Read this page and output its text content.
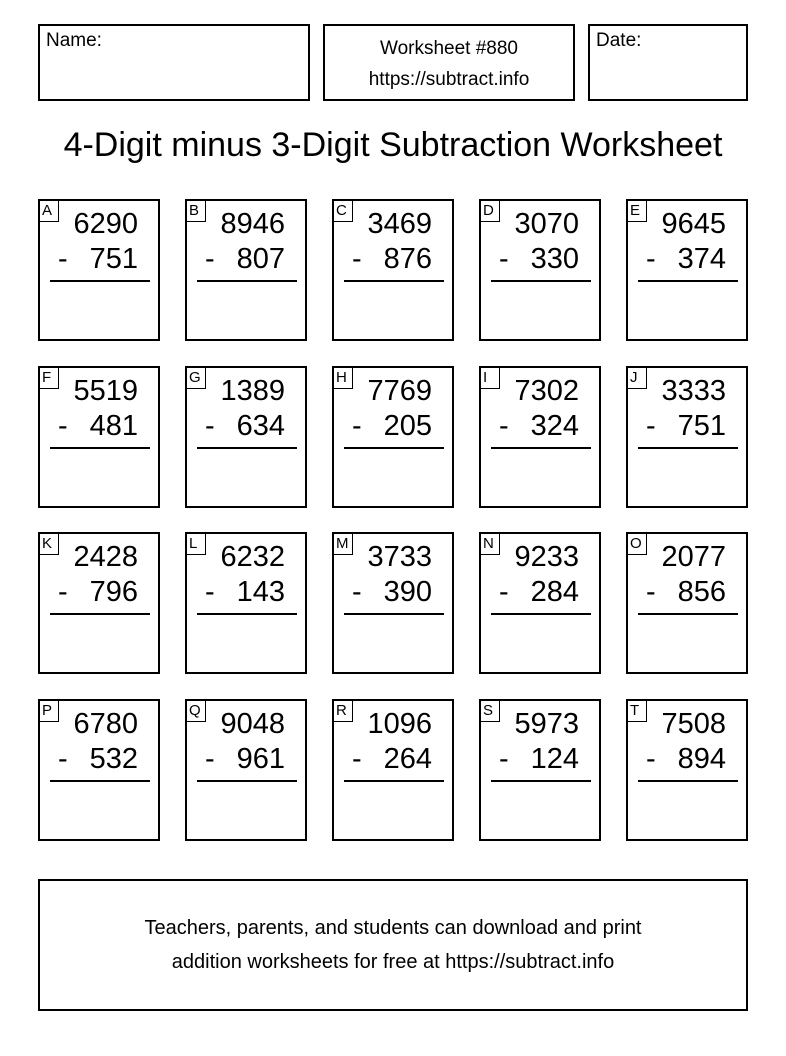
Name:	Worksheet #880
https://subtract.info
Date:
4-Digit minus 3-Digit Subtraction Worksheet
A 6290
- 751
B 8946
- 807
C 3469
- 876
D 3070
- 330
E 9645
- 374
F 5519
- 481
G 1389
- 634
H 7769
- 205
I 7302
- 324
J 3333
- 751
K 2428
- 796
L 6232
- 143
M 3733
- 390
N 9233
- 284
O 2077
- 856
P 6780
- 532
Q 9048
- 961
R 1096
- 264
S 5973
- 124
T 7508
- 894
Teachers, parents, and students can download and print
addition worksheets for free at https://subtract.info
